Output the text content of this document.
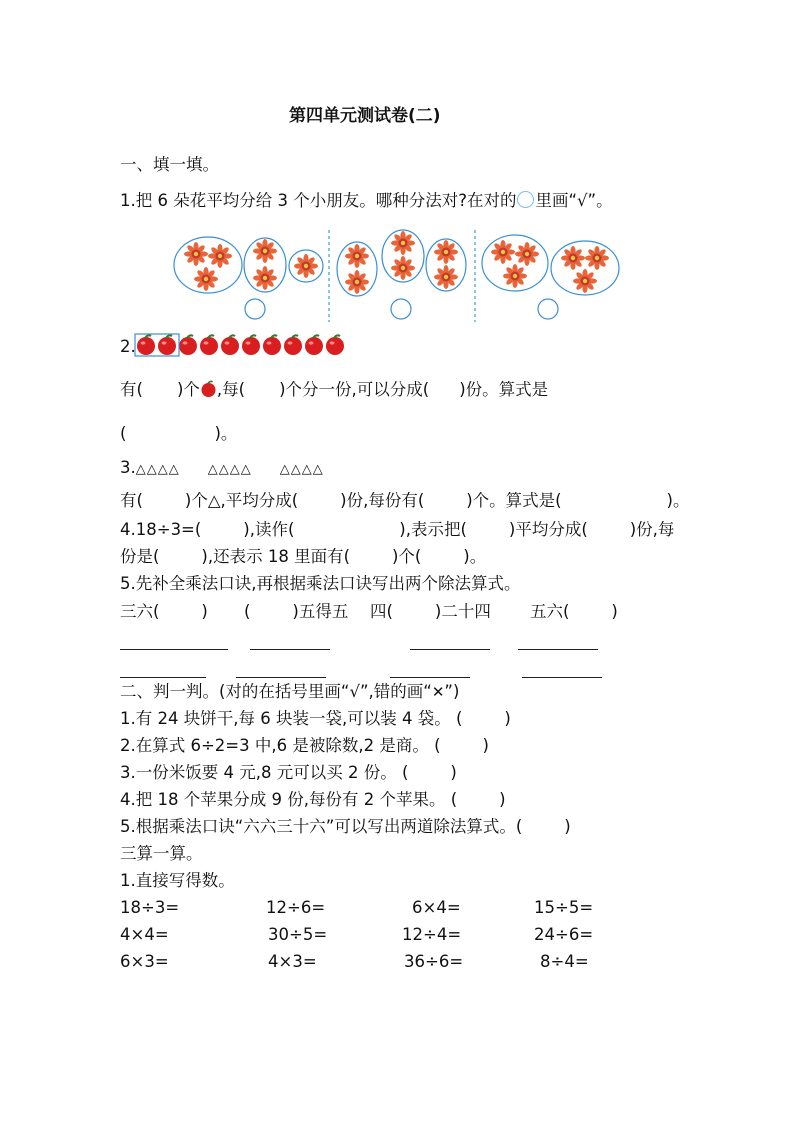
第四单元测试卷(二)
一、填一填。
1.把 6 朵花平均分给 3 个小朋友。哪种分法对?在对的 里画“√”。
2.
有( )个 ,每( )个分一份,可以分成( )份。算式是
(	)。
3.△△△△ △△△△ △△△△
有(        )个△,平均分成(        )份,每份有(        )个。算式是(                    )。
4.18÷3=(        ),读作(                    ),表示把(        )平均分成(        )份,每
份是(        ),还表示 18 里面有(        )个(        )。
5.先补全乘法口诀,再根据乘法口诀写出两个除法算式。
三六(        ) (        )五得五 四(        )二十四 五六(        )
二、判一判。(对的在括号里画“√”,错的画“✕”)
1.有 24 块饼干,每 6 块装一袋,可以装 4 袋。 (        )
2.在算式 6÷2=3 中,6 是被除数,2 是商。 (        )
3.一份米饭要 4 元,8 元可以买 2 份。 (        )
4.把 18 个苹果分成 9 份,每份有 2 个苹果。 (        )
5.根据乘法口诀“六六三十六”可以写出两道除法算式。(        )
三算一算。
1.直接写得数。
18÷3=	12÷6=	6×4=	15÷5=
4×4=	30÷5=	12÷4=	24÷6=
6×3=	4×3=	36÷6=	8÷4=
